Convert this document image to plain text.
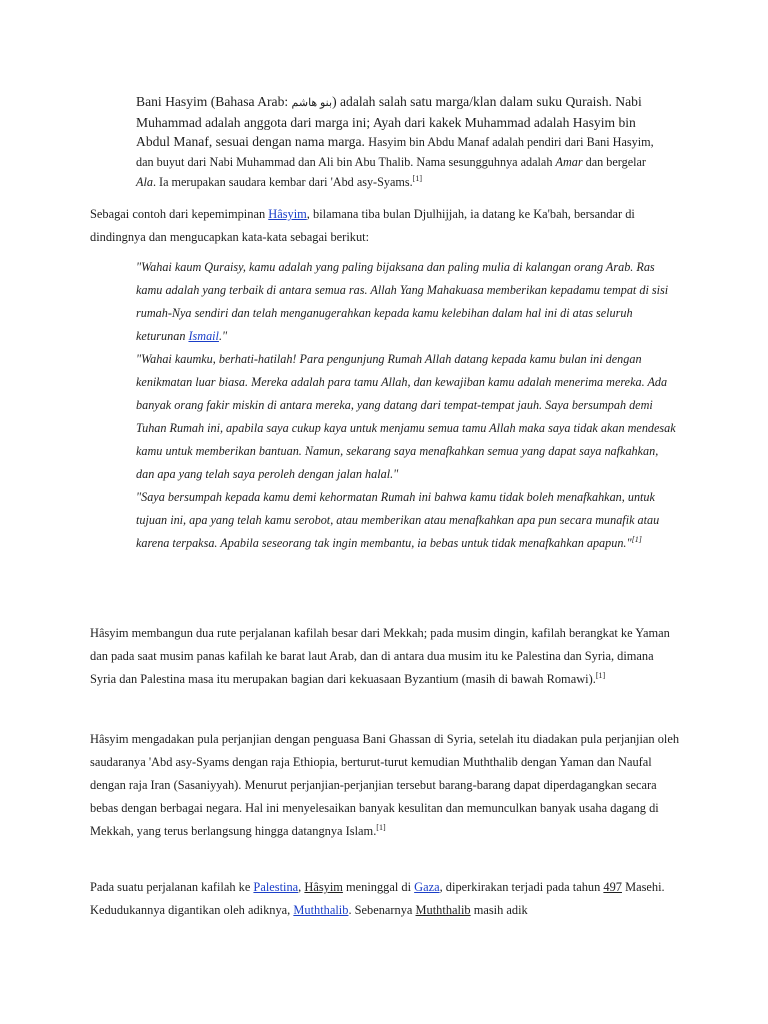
Bani Hasyim (Bahasa Arab: بنو هاشم) adalah salah satu marga/klan dalam suku Quraish. Nabi Muhammad adalah anggota dari marga ini; Ayah dari kakek Muhammad adalah Hasyim bin Abdul Manaf, sesuai dengan nama marga. Hasyim bin Abdu Manaf adalah pendiri dari Bani Hasyim, dan buyut dari Nabi Muhammad dan Ali bin Abu Thalib. Nama sesungguhnya adalah Amar dan bergelar Ala. Ia merupakan saudara kembar dari 'Abd asy-Syams.[1]
Sebagai contoh dari kepemimpinan Hâsyim, bilamana tiba bulan Djulhijjah, ia datang ke Ka'bah, bersandar di dindingnya dan mengucapkan kata-kata sebagai berikut:

"Wahai kaum Quraisy, kamu adalah yang paling bijaksana dan paling mulia di kalangan orang Arab. Ras kamu adalah yang terbaik di antara semua ras. Allah Yang Mahakuasa memberikan kepadamu tempat di sisi rumah-Nya sendiri dan telah menganugerahkan kepada kamu kelebihan dalam hal ini di atas seluruh keturunan Ismail."

"Wahai kaumku, berhati-hatilah! Para pengunjung Rumah Allah datang kepada kamu bulan ini dengan kenikmatan luar biasa. Mereka adalah para tamu Allah, dan kewajiban kamu adalah menerima mereka. Ada banyak orang fakir miskin di antara mereka, yang datang dari tempat-tempat jauh. Saya bersumpah demi Tuhan Rumah ini, apabila saya cukup kaya untuk menjamu semua tamu Allah maka saya tidak akan mendesak kamu untuk memberikan bantuan. Namun, sekarang saya menafkahkan semua yang dapat saya nafkahkan, dan apa yang telah saya peroleh dengan jalan halal."

"Saya bersumpah kepada kamu demi kehormatan Rumah ini bahwa kamu tidak boleh menafkahkan, untuk tujuan ini, apa yang telah kamu serobot, atau memberikan atau menafkahkan apa pun secara munafik atau karena terpaksa. Apabila seseorang tak ingin membantu, ia bebas untuk tidak menafkahkan apapun."[1]

Hâsyim membangun dua rute perjalanan kafilah besar dari Mekkah; pada musim dingin, kafilah berangkat ke Yaman dan pada saat musim panas kafilah ke barat laut Arab, dan di antara dua musim itu ke Palestina dan Syria, dimana Syria dan Palestina masa itu merupakan bagian dari kekuasaan Byzantium (masih di bawah Romawi).[1]
Hâsyim mengadakan pula perjanjian dengan penguasa Bani Ghassan di Syria, setelah itu diadakan pula perjanjian oleh saudaranya 'Abd asy-Syams dengan raja Ethiopia, berturut-turut kemudian Muththalib dengan Yaman dan Naufal dengan raja Iran (Sasaniyyah). Menurut perjanjian-perjanjian tersebut barang-barang dapat diperdagangkan secara bebas dengan berbagai negara. Hal ini menyelesaikan banyak kesulitan dan memunculkan banyak usaha dagang di Mekkah, yang terus berlangsung hingga datangnya Islam.[1]
Pada suatu perjalanan kafilah ke Palestina, Hâsyim meninggal di Gaza, diperkirakan terjadi pada tahun 497 Masehi. Kedudukannya digantikan oleh adiknya, Muththalib. Sebenarnya Muththalib masih adik
